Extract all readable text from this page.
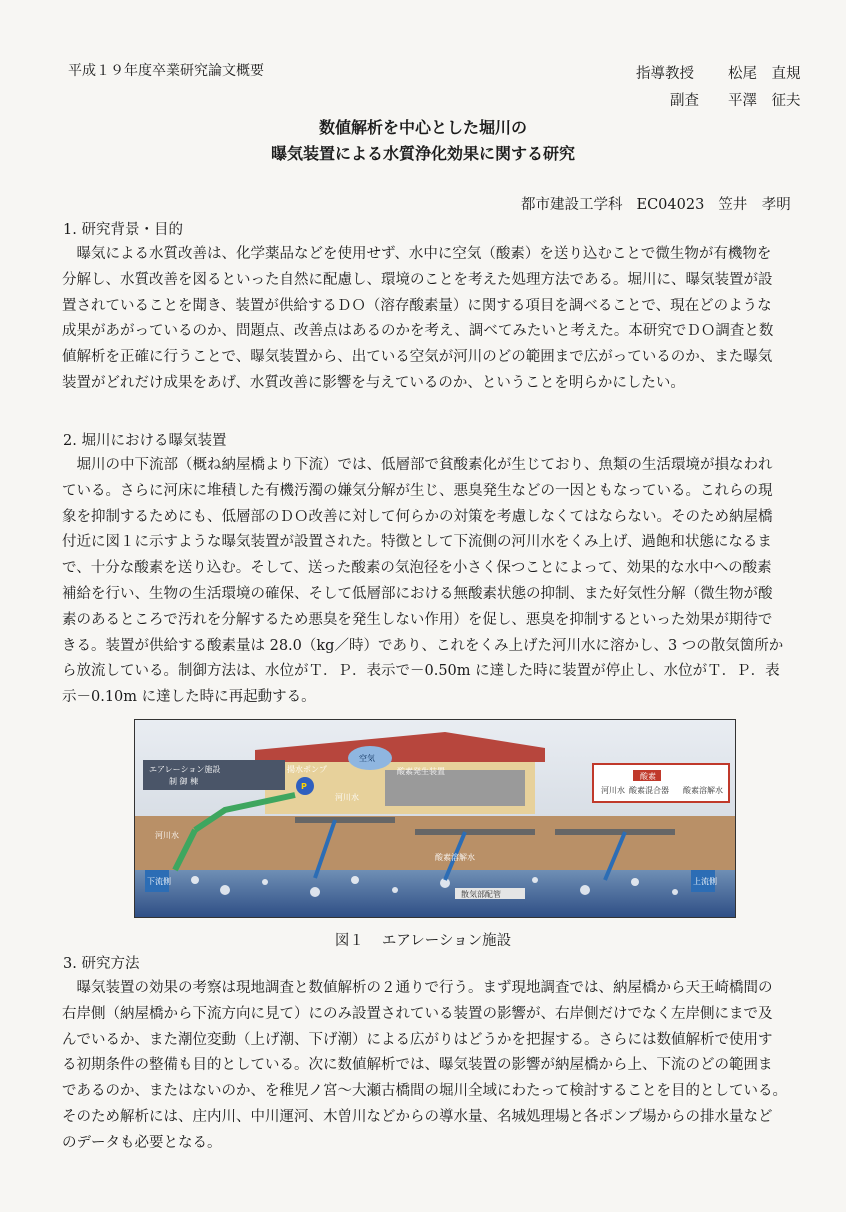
平成１９年度卒業研究論文概要	指導教授 松尾　直規
副査 平澤　征夫
数値解析を中心とした堀川の
曝気装置による水質浄化効果に関する研究
都市建設工学科 EC04023 笠井　孝明
1. 研究背景・目的
　曝気による水質改善は、化学薬品などを使用せず、水中に空気（酸素）を送り込むことで微生物が有機物を
分解し、水質改善を図るといった自然に配慮し、環境のことを考えた処理方法である。堀川に、曝気装置が設
置されていることを聞き、装置が供給するＤＯ（溶存酸素量）に関する項目を調べることで、現在どのような
成果があがっているのか、問題点、改善点はあるのかを考え、調べてみたいと考えた。本研究でＤＯ調査と数
値解析を正確に行うことで、曝気装置から、出ている空気が河川のどの範囲まで広がっているのか、また曝気
装置がどれだけ成果をあげ、水質改善に影響を与えているのか、ということを明らかにしたい。
2. 堀川における曝気装置
　堀川の中下流部（概ね納屋橋より下流）では、低層部で貧酸素化が生じており、魚類の生活環境が損なわれ
ている。さらに河床に堆積した有機汚濁の嫌気分解が生じ、悪臭発生などの一因ともなっている。これらの現
象を抑制するためにも、低層部のＤＯ改善に対して何らかの対策を考慮しなくてはならない。そのため納屋橋
付近に図１に示すような曝気装置が設置された。特徴として下流側の河川水をくみ上げ、過飽和状態になるま
で、十分な酸素を送り込む。そして、送った酸素の気泡径を小さく保つことによって、効果的な水中への酸素
補給を行い、生物の生活環境の確保、そして低層部における無酸素状態の抑制、また好気性分解（微生物が酸
素のあるところで汚れを分解するため悪臭を発生しない作用）を促し、悪臭を抑制するといった効果が期待で
きる。装置が供給する酸素量は 28.0（kg／時）であり、これをくみ上げた河川水に溶かし、3 つの散気箇所か
ら放流している。制御方法は、水位がＴ．Ｐ．表示で－0.50m に達した時に装置が停止し、水位がＴ．Ｐ．表
示－0.10m に達した時に再起動する。
エアレーション施設
制 御 棟
空気
酸素発生装置
P
揚水ポンプ
河川水
河川水
酸素溶解水
散気部配管
酸素
河川水 酸素混合器 酸素溶解水
下流側	上流側
図１ エアレーション施設
3. 研究方法
　曝気装置の効果の考察は現地調査と数値解析の２通りで行う。まず現地調査では、納屋橋から天王崎橋間の
右岸側（納屋橋から下流方向に見て）にのみ設置されている装置の影響が、右岸側だけでなく左岸側にまで及
んでいるか、また潮位変動（上げ潮、下げ潮）による広がりはどうかを把握する。さらには数値解析で使用す
る初期条件の整備も目的としている。次に数値解析では、曝気装置の影響が納屋橋から上、下流のどの範囲ま
であるのか、またはないのか、を稚児ノ宮～大瀬古橋間の堀川全域にわたって検討することを目的としている。
そのため解析には、庄内川、中川運河、木曽川などからの導水量、名城処理場と各ポンプ場からの排水量など
のデータも必要となる。
